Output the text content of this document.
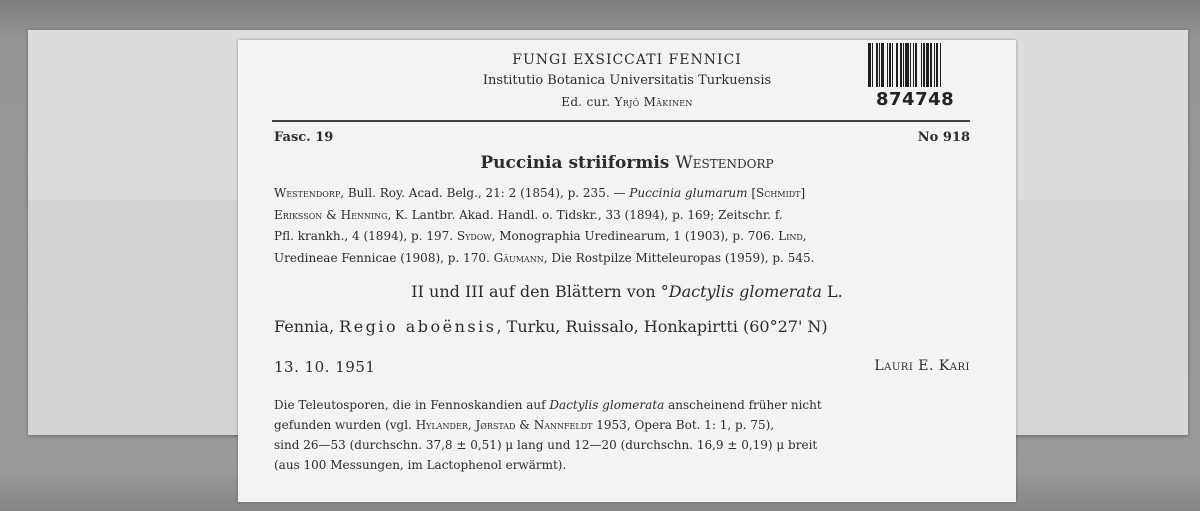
FUNGI EXSICCATI FENNICI
Institutio Botanica Universitatis Turkuensis
Ed. cur. Yrjö Mäkinen	874748
Fasc. 19	No 918
Puccinia striiformis Westendorp
Westendorp, Bull. Roy. Acad. Belg., 21: 2 (1854), p. 235. — Puccinia glumarum [Schmidt]
Eriksson & Henning, K. Lantbr. Akad. Handl. o. Tidskr., 33 (1894), p. 169; Zeitschr. f.
Pfl. krankh., 4 (1894), p. 197. Sydow, Monographia Uredinearum, 1 (1903), p. 706. Lind,
Uredineae Fennicae (1908), p. 170. Gäumann, Die Rostpilze Mitteleuropas (1959), p. 545.
II und III auf den Blättern von °Dactylis glomerata L.
Fennia, Regio aboënsis, Turku, Ruissalo, Honkapirtti (60°27' N)
13. 10. 1951	Lauri E. Kari
Die Teleutosporen, die in Fennoskandien auf Dactylis glomerata anscheinend früher nicht
gefunden wurden (vgl. Hylander, Jørstad & Nannfeldt 1953, Opera Bot. 1: 1, p. 75),
sind 26—53 (durchschn. 37,8 ± 0,51) μ lang und 12—20 (durchschn. 16,9 ± 0,19) μ breit
(aus 100 Messungen, im Lactophenol erwärmt).
